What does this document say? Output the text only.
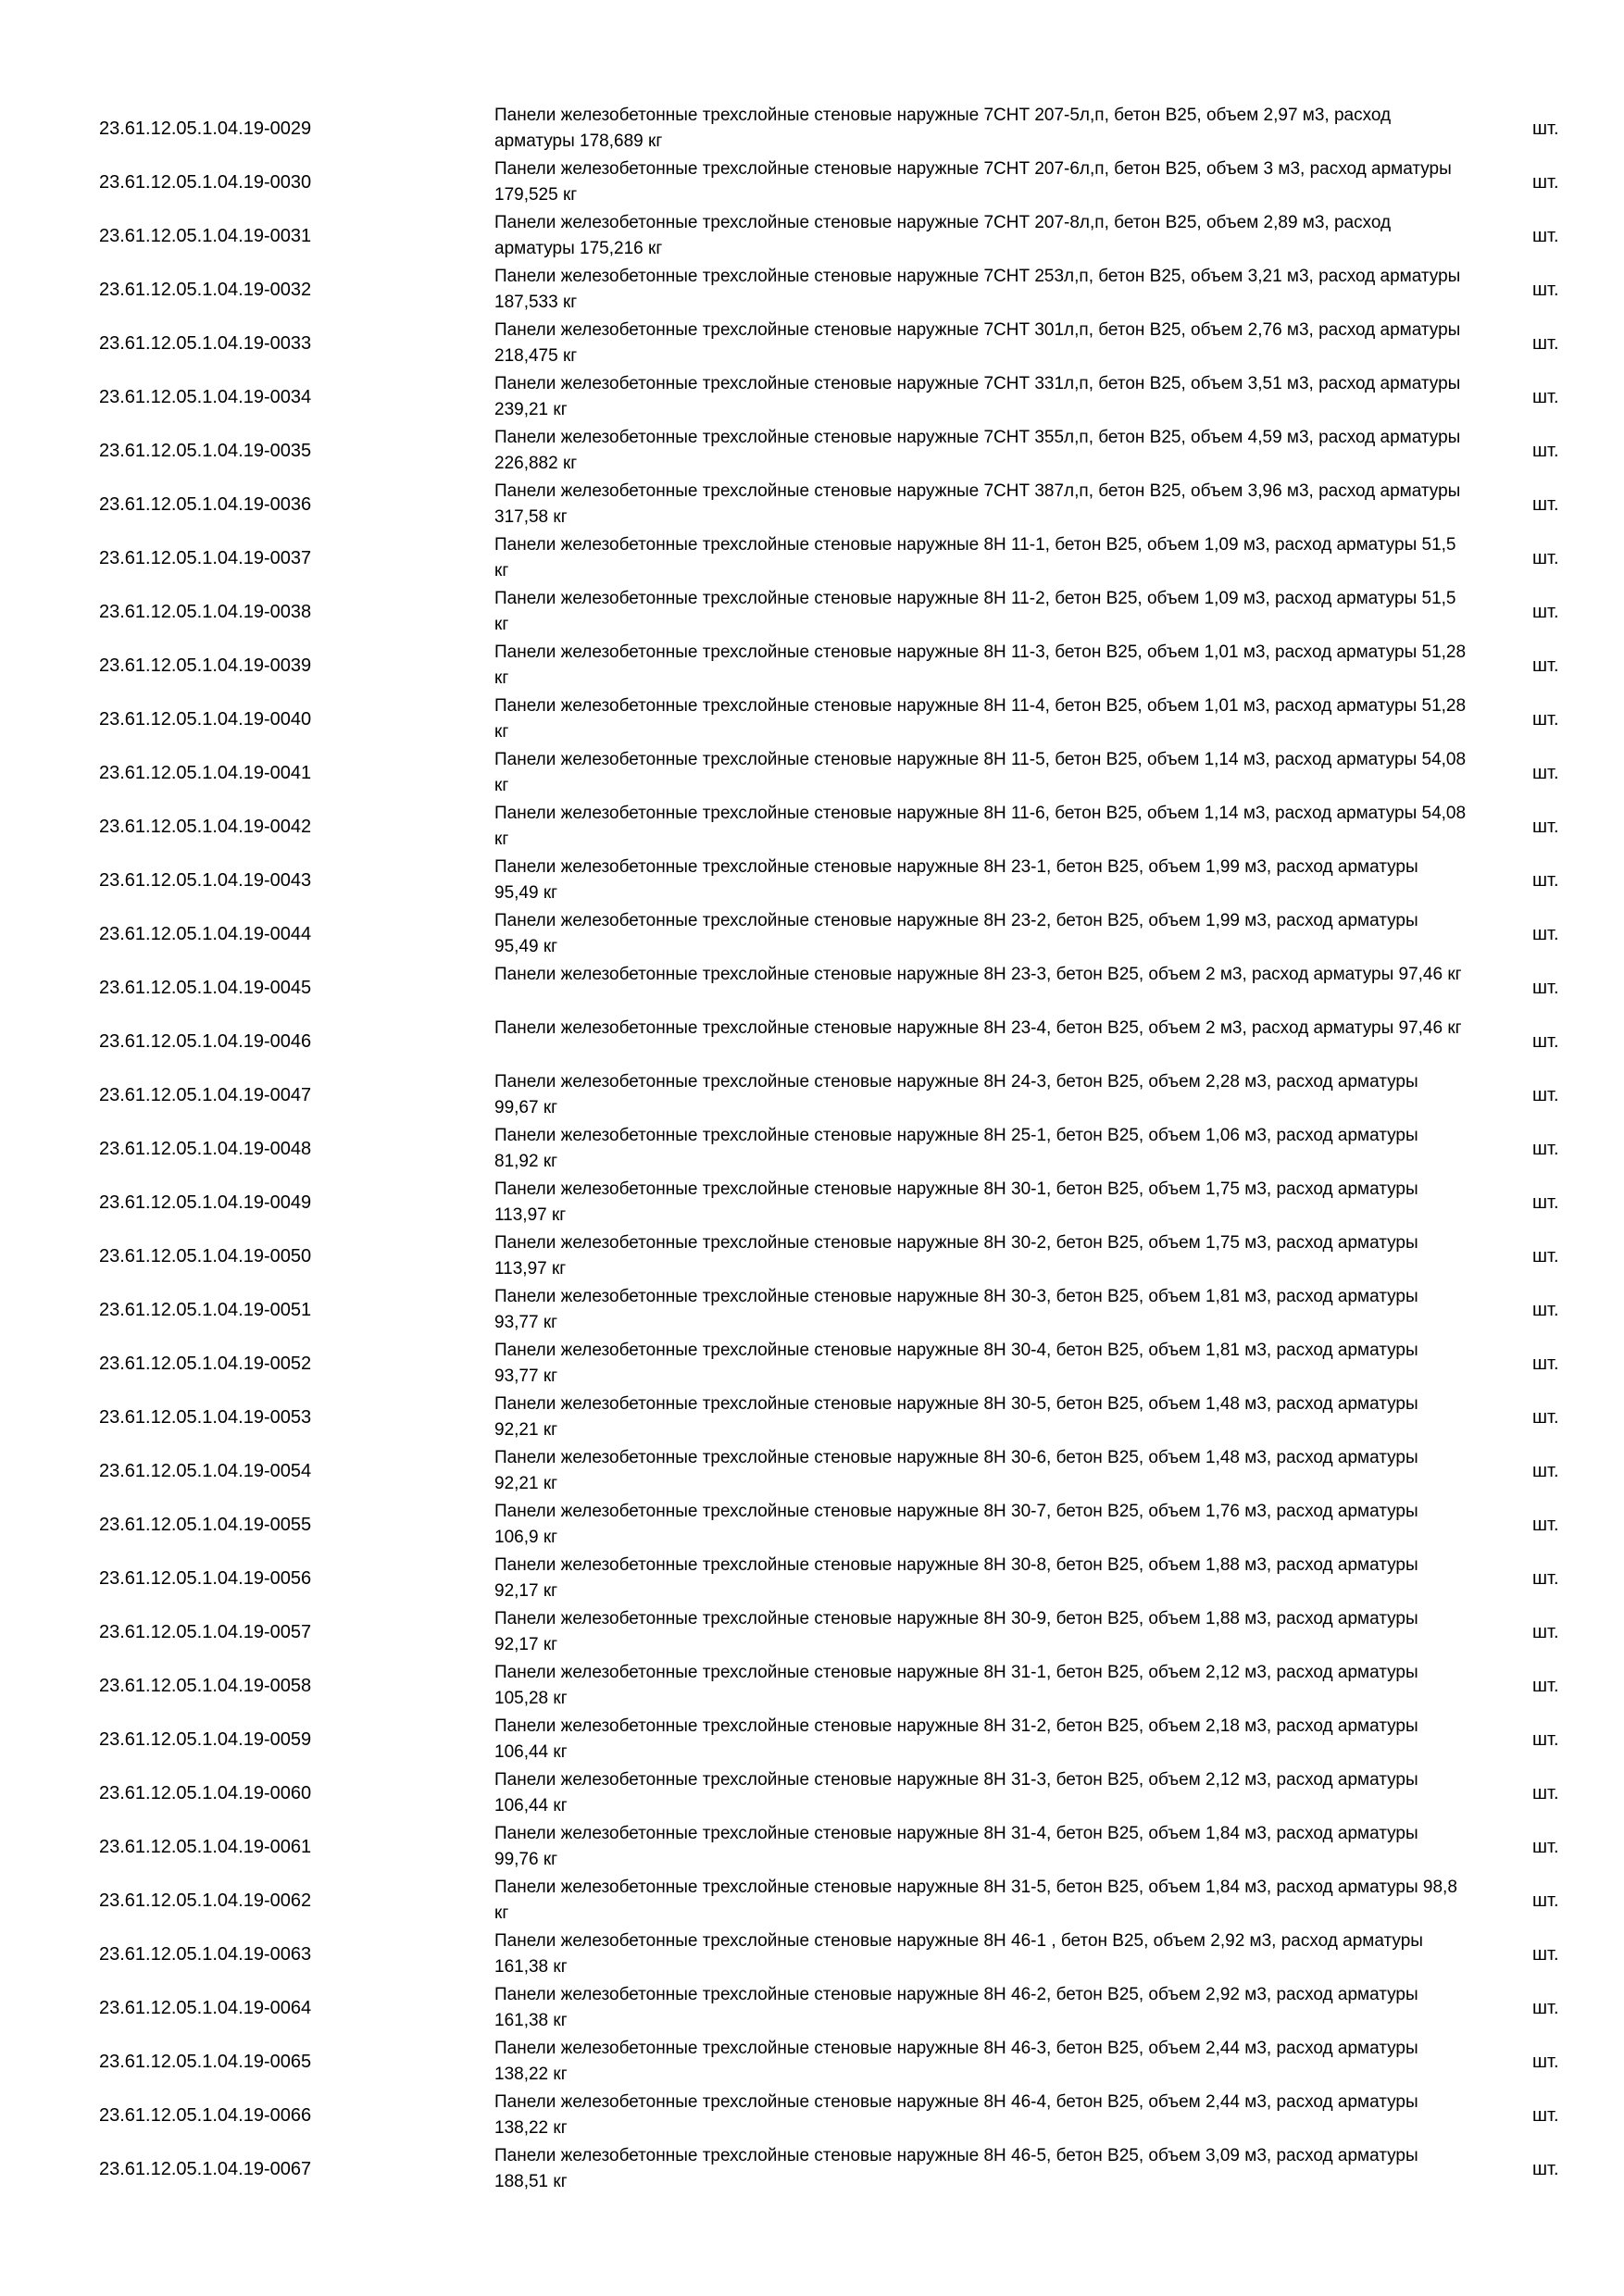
23.61.12.05.1.04.19-0029
Панели железобетонные трехслойные стеновые наружные 7СНТ 207-5л,п, бетон В25, объем 2,97 м3, расход арматуры 178,689 кг
шт.
23.61.12.05.1.04.19-0030
Панели железобетонные трехслойные стеновые наружные 7СНТ 207-6л,п, бетон В25, объем 3 м3, расход арматуры 179,525 кг
шт.
23.61.12.05.1.04.19-0031
Панели железобетонные трехслойные стеновые наружные 7СНТ 207-8л,п, бетон В25, объем 2,89 м3, расход арматуры 175,216 кг
шт.
23.61.12.05.1.04.19-0032
Панели железобетонные трехслойные стеновые наружные 7СНТ 253л,п, бетон В25, объем 3,21 м3, расход арматуры 187,533 кг
шт.
23.61.12.05.1.04.19-0033
Панели железобетонные трехслойные стеновые наружные 7СНТ 301л,п, бетон В25, объем 2,76 м3, расход арматуры 218,475 кг
шт.
23.61.12.05.1.04.19-0034
Панели железобетонные трехслойные стеновые наружные 7СНТ 331л,п, бетон В25, объем 3,51 м3, расход арматуры 239,21 кг
шт.
23.61.12.05.1.04.19-0035
Панели железобетонные трехслойные стеновые наружные 7СНТ 355л,п, бетон В25, объем 4,59 м3, расход арматуры 226,882 кг
шт.
23.61.12.05.1.04.19-0036
Панели железобетонные трехслойные стеновые наружные 7СНТ 387л,п, бетон В25, объем 3,96 м3, расход арматуры 317,58 кг
шт.
23.61.12.05.1.04.19-0037
Панели железобетонные трехслойные стеновые наружные 8Н 11-1, бетон В25, объем 1,09 м3, расход арматуры 51,5 кг
шт.
23.61.12.05.1.04.19-0038
Панели железобетонные трехслойные стеновые наружные 8Н 11-2, бетон В25, объем 1,09 м3, расход арматуры 51,5 кг
шт.
23.61.12.05.1.04.19-0039
Панели железобетонные трехслойные стеновые наружные 8Н 11-3, бетон В25, объем 1,01 м3, расход арматуры 51,28 кг
шт.
23.61.12.05.1.04.19-0040
Панели железобетонные трехслойные стеновые наружные 8Н 11-4, бетон В25, объем 1,01 м3, расход арматуры 51,28 кг
шт.
23.61.12.05.1.04.19-0041
Панели железобетонные трехслойные стеновые наружные 8Н 11-5, бетон В25, объем 1,14 м3, расход арматуры 54,08 кг
шт.
23.61.12.05.1.04.19-0042
Панели железобетонные трехслойные стеновые наружные 8Н 11-6, бетон В25, объем 1,14 м3, расход арматуры 54,08 кг
шт.
23.61.12.05.1.04.19-0043
Панели железобетонные трехслойные стеновые наружные 8Н 23-1, бетон В25, объем 1,99 м3, расход арматуры 95,49 кг
шт.
23.61.12.05.1.04.19-0044
Панели железобетонные трехслойные стеновые наружные 8Н 23-2, бетон В25, объем 1,99 м3, расход арматуры 95,49 кг
шт.
23.61.12.05.1.04.19-0045
Панели железобетонные трехслойные стеновые наружные 8Н 23-3, бетон В25, объем 2 м3, расход арматуры 97,46 кг
шт.
23.61.12.05.1.04.19-0046
Панели железобетонные трехслойные стеновые наружные 8Н 23-4, бетон В25, объем 2 м3, расход арматуры 97,46 кг
шт.
23.61.12.05.1.04.19-0047
Панели железобетонные трехслойные стеновые наружные 8Н 24-3, бетон В25, объем 2,28 м3, расход арматуры 99,67 кг
шт.
23.61.12.05.1.04.19-0048
Панели железобетонные трехслойные стеновые наружные 8Н 25-1, бетон В25, объем 1,06 м3, расход арматуры 81,92 кг
шт.
23.61.12.05.1.04.19-0049
Панели железобетонные трехслойные стеновые наружные 8Н 30-1, бетон В25, объем 1,75 м3, расход арматуры 113,97 кг
шт.
23.61.12.05.1.04.19-0050
Панели железобетонные трехслойные стеновые наружные 8Н 30-2, бетон В25, объем 1,75 м3, расход арматуры 113,97 кг
шт.
23.61.12.05.1.04.19-0051
Панели железобетонные трехслойные стеновые наружные 8Н 30-3, бетон В25, объем 1,81 м3, расход арматуры 93,77 кг
шт.
23.61.12.05.1.04.19-0052
Панели железобетонные трехслойные стеновые наружные 8Н 30-4, бетон В25, объем 1,81 м3, расход арматуры 93,77 кг
шт.
23.61.12.05.1.04.19-0053
Панели железобетонные трехслойные стеновые наружные 8Н 30-5, бетон В25, объем 1,48 м3, расход арматуры 92,21 кг
шт.
23.61.12.05.1.04.19-0054
Панели железобетонные трехслойные стеновые наружные 8Н 30-6, бетон В25, объем 1,48 м3, расход арматуры 92,21 кг
шт.
23.61.12.05.1.04.19-0055
Панели железобетонные трехслойные стеновые наружные 8Н 30-7, бетон В25, объем 1,76 м3, расход арматуры 106,9 кг
шт.
23.61.12.05.1.04.19-0056
Панели железобетонные трехслойные стеновые наружные 8Н 30-8, бетон В25, объем 1,88 м3, расход арматуры 92,17 кг
шт.
23.61.12.05.1.04.19-0057
Панели железобетонные трехслойные стеновые наружные 8Н 30-9, бетон В25, объем 1,88 м3, расход арматуры 92,17 кг
шт.
23.61.12.05.1.04.19-0058
Панели железобетонные трехслойные стеновые наружные 8Н 31-1, бетон В25, объем 2,12 м3, расход арматуры 105,28 кг
шт.
23.61.12.05.1.04.19-0059
Панели железобетонные трехслойные стеновые наружные 8Н 31-2, бетон В25, объем 2,18 м3, расход арматуры 106,44 кг
шт.
23.61.12.05.1.04.19-0060
Панели железобетонные трехслойные стеновые наружные 8Н 31-3, бетон В25, объем 2,12 м3, расход арматуры 106,44 кг
шт.
23.61.12.05.1.04.19-0061
Панели железобетонные трехслойные стеновые наружные 8Н 31-4, бетон В25, объем 1,84 м3, расход арматуры 99,76 кг
шт.
23.61.12.05.1.04.19-0062
Панели железобетонные трехслойные стеновые наружные 8Н 31-5, бетон В25, объем 1,84 м3, расход арматуры 98,8 кг
шт.
23.61.12.05.1.04.19-0063
Панели железобетонные трехслойные стеновые наружные 8Н 46-1 , бетон В25, объем 2,92 м3, расход арматуры 161,38 кг
шт.
23.61.12.05.1.04.19-0064
Панели железобетонные трехслойные стеновые наружные 8Н 46-2, бетон В25, объем 2,92 м3, расход арматуры 161,38 кг
шт.
23.61.12.05.1.04.19-0065
Панели железобетонные трехслойные стеновые наружные 8Н 46-3, бетон В25, объем 2,44 м3, расход арматуры 138,22 кг
шт.
23.61.12.05.1.04.19-0066
Панели железобетонные трехслойные стеновые наружные 8Н 46-4, бетон В25, объем 2,44 м3, расход арматуры 138,22 кг
шт.
23.61.12.05.1.04.19-0067
Панели железобетонные трехслойные стеновые наружные 8Н 46-5, бетон В25, объем 3,09 м3, расход арматуры 188,51 кг
шт.
